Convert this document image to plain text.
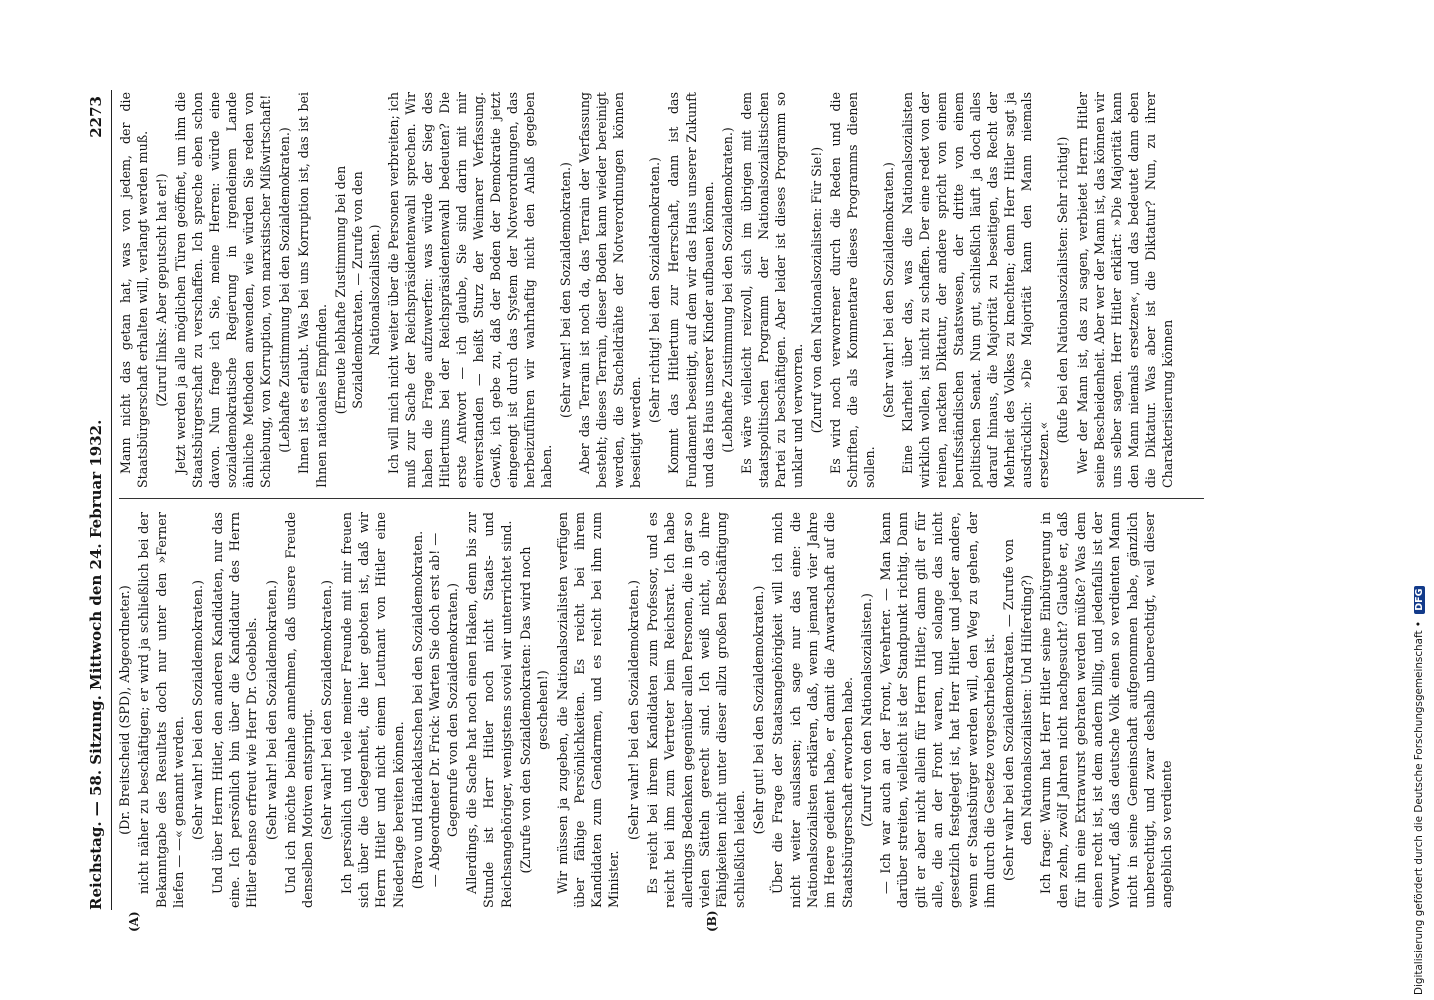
Reichstag. — 58. Sitzung. Mittwoch den 24. Februar 1932.
2273
(A)	(B)

(Dr. Breitscheid (SPD), Abgeordneter.) nicht näher zu beschäftigen; er wird ja schließlich bei der Bekanntgabe des Resultats doch nur unter den »Ferner liefen — —« genannt werden. (Sehr wahr! bei den Sozialdemokraten.) Und über Herrn Hitler, den anderen Kandidaten, nur das eine. Ich persönlich bin über die Kandidatur des Herrn Hitler ebenso erfreut wie Herr Dr. Goebbels. (Sehr wahr! bei den Sozialdemokraten.) Und ich möchte beinahe annehmen, daß unsere Freude denselben Motiven entspringt. (Sehr wahr! bei den Sozialdemokraten.) Ich persönlich und viele meiner Freunde mit mir freuen sich über die Gelegenheit, die hier geboten ist, daß wir Herrn Hitler und nicht einem Leutnant von Hitler eine Niederlage bereiten können. (Bravo und Händeklatschen bei den Sozialdemokraten. — Abgeordneter Dr. Frick: Warten Sie doch erst ab! — Gegenrufe von den Sozialdemokraten.) Allerdings, die Sache hat noch einen Haken, denn bis zur Stunde ist Herr Hitler noch nicht Staats- und Reichsangehöriger, wenigstens soviel wir unterrichtet sind. (Zurufe von den Sozialdemokraten: Das wird noch geschehen!) Wir müssen ja zugeben, die Nationalsozialisten verfügen über fähige Persönlichkeiten. Es reicht bei ihrem Kandidaten zum Gendarmen, und es reicht bei ihm zum Minister.

(Sehr wahr! bei den Sozialdemokraten.) Es reicht bei ihrem Kandidaten zum Professor, und es reicht bei ihm zum Vertreter beim Reichsrat. Ich habe allerdings Bedenken gegenüber allen Personen, die in gar so vielen Sätteln gerecht sind. Ich weiß nicht, ob ihre Fähigkeiten nicht unter dieser allzu großen Beschäftigung schließlich leiden.

(Sehr gut! bei den Sozialdemokraten.) Über die Frage der Staatsangehörigkeit will ich mich nicht weiter auslassen; ich sage nur das eine: die Nationalsozialisten erklären, daß, wenn jemand vier Jahre im Heere gedient habe, er damit die Anwartschaft auf die Staatsbürgerschaft erworben habe. (Zuruf von den Nationalsozialisten.) — Ich war auch an der Front, Verehrter. — Man kann darüber streiten, vielleicht ist der Standpunkt richtig. Dann gilt er aber nicht allein für Herrn Hitler; dann gilt er für alle, die an der Front waren, und solange das nicht gesetzlich festgelegt ist, hat Herr Hitler und jeder andere, wenn er Staatsbürger werden will, den Weg zu gehen, der ihm durch die Gesetze vorgeschrieben ist. (Sehr wahr bei den Sozialdemokraten. — Zurufe von den Nationalsozialisten: Und Hilferding?) Ich frage: Warum hat Herr Hitler seine Einbürgerung in den zehn, zwölf Jahren nicht nachgesucht? Glaubte er, daß für ihn eine Extrawurst gebraten werden müßte? Was dem einen recht ist, ist dem andern billig, und jedenfalls ist der Vorwurf, daß das deutsche Volk einen so verdienten Mann nicht in seine Gemeinschaft aufgenommen habe, gänzlich unberechtigt, und zwar deshalb unberechtigt, weil dieser angeblich so verdiente

Mann nicht das getan hat, was von jedem, der die Staatsbürgerschaft erhalten will, verlangt werden muß. (Zuruf links: Aber geputscht hat er!) Jetzt werden ja alle möglichen Türen geöffnet, um ihm die Staatsbürgerschaft zu verschaffen. Ich spreche eben schon davon. Nun frage ich Sie, meine Herren: würde eine sozialdemokratische Regierung in irgendeinem Lande ähnliche Methoden anwenden, wie würden Sie reden von Schiebung, von Korruption, von marxistischer Mißwirtschaft! (Lebhafte Zustimmung bei den Sozialdemokraten.) Ihnen ist es erlaubt. Was bei uns Korruption ist, das ist bei Ihnen nationales Empfinden. (Erneute lebhafte Zustimmung bei den Sozialdemokraten. — Zurufe von den Nationalsozialisten.) Ich will mich nicht weiter über die Personen verbreiten; ich muß zur Sache der Reichspräsidentenwahl sprechen. Wir haben die Frage aufzuwerfen: was würde der Sieg des Hitlertums bei der Reichspräsidentenwahl bedeuten? Die erste Antwort — ich glaube, Sie sind darin mit mir einverstanden — heißt Sturz der Weimarer Verfassung. Gewiß, ich gebe zu, daß der Boden der Demokratie jetzt eingeengt ist durch das System der Notverordnungen, das herbeizuführen wir wahrhaftig nicht den Anlaß gegeben haben.

(Sehr wahr! bei den Sozialdemokraten.) Aber das Terrain ist noch da, das Terrain der Verfassung besteht; dieses Terrain, dieser Boden kann wieder bereinigt werden, die Stacheldrähte der Notverordnungen können beseitigt werden.

(Sehr richtig! bei den Sozialdemokraten.) Kommt das Hitlertum zur Herrschaft, dann ist das Fundament beseitigt, auf dem wir das Haus unserer Zukunft und das Haus unserer Kinder aufbauen können. (Lebhafte Zustimmung bei den Sozialdemokraten.) Es wäre vielleicht reizvoll, sich im übrigen mit dem staatspolitischen Programm der Nationalsozialistischen Partei zu beschäftigen. Aber leider ist dieses Programm so unklar und verworren. (Zuruf von den Nationalsozialisten: Für Sie!) Es wird noch verworrener durch die Reden und die Schriften, die als Kommentare dieses Programms dienen sollen.

(Sehr wahr! bei den Sozialdemokraten.) Eine Klarheit über das, was die Nationalsozialisten wirklich wollen, ist nicht zu schaffen. Der eine redet von der reinen, nackten Diktatur, der andere spricht von einem berufsständischen Staatswesen, der dritte von einem politischen Senat. Nun gut, schließlich läuft ja doch alles darauf hinaus, die Majorität zu beseitigen, das Recht der Mehrheit des Volkes zu knechten; denn Herr Hitler sagt ja ausdrücklich: »Die Majorität kann den Mann niemals ersetzen.«

(Rufe bei den Nationalsozialisten: Sehr richtig!) Wer der Mann ist, das zu sagen, verbietet Herrn Hitler seine Bescheidenheit. Aber wer der Mann ist, das können wir uns selber sagen. Herr Hitler erklärt: »Die Majorität kann den Mann niemals ersetzen«, und das bedeutet dann eben die Diktatur. Was aber ist die Diktatur? Nun, zu ihrer Charakterisierung können

Digitalisierung gefördert durch die Deutsche Forschungsgemeinschaft • DFG
